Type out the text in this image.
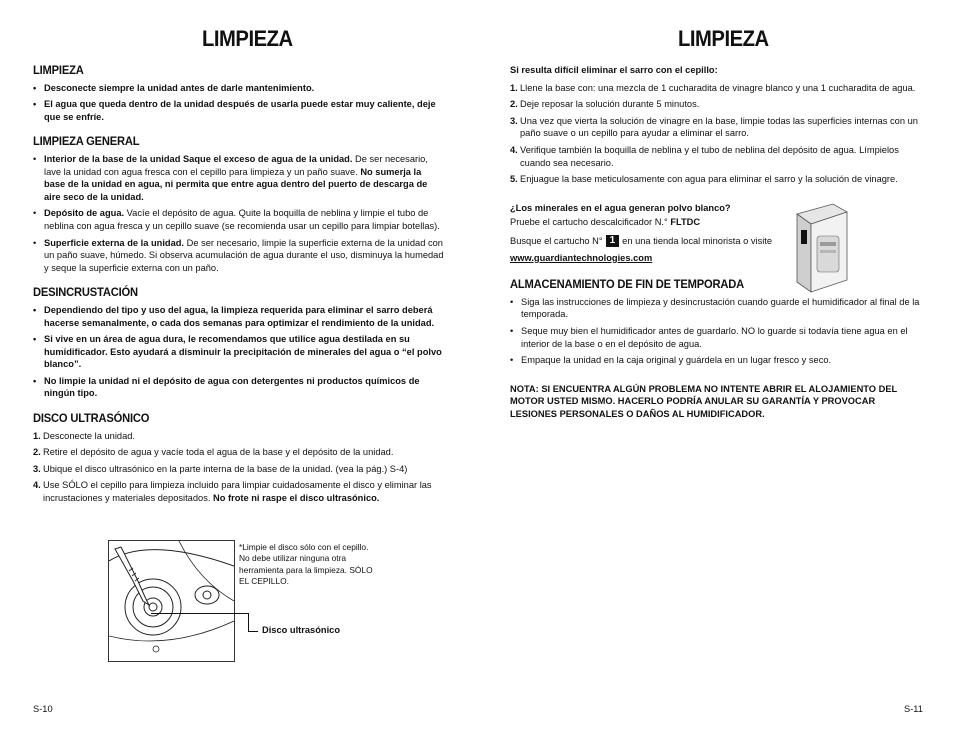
LIMPIEZA
LIMPIEZA
• Desconecte siempre la unidad antes de darle mantenimiento.
• El agua que queda dentro de la unidad después de usarla puede estar muy caliente, deje que se enfríe.
LIMPIEZA GENERAL
• Interior de la base de la unidad Saque el exceso de agua de la unidad. De ser necesario, lave la unidad con agua fresca con el cepillo para limpieza y un paño suave. No sumerja la base de la unidad en agua, ni permita que entre agua dentro del puerto de descarga de aire seco de la unidad.
• Depósito de agua. Vacíe el depósito de agua. Quite la boquilla de neblina y limpie el tubo de neblina con agua fresca y un cepillo suave (se recomienda usar un cepillo para limpiar botellas).
• Superficie externa de la unidad. De ser necesario, limpie la superficie externa de la unidad con un paño suave, húmedo. Si observa acumulación de agua durante el uso, disminuya la humedad y seque la superficie externa con un paño.
DESINCRUSTACIÓN
• Dependiendo del tipo y uso del agua, la limpieza requerida para eliminar el sarro deberá hacerse semanalmente, o cada dos semanas para optimizar el rendimiento de la unidad.
• Si vive en un área de agua dura, le recomendamos que utilice agua destilada en su humidificador. Esto ayudará a disminuir la precipitación de minerales del agua o “el polvo blanco”.
• No limpie la unidad ni el depósito de agua con detergentes ni productos químicos de ningún tipo.
DISCO ULTRASÓNICO
1. Desconecte la unidad.
2. Retire el depósito de agua y vacíe toda el agua de la base y el depósito de la unidad.
3. Ubique el disco ultrasónico en la parte interna de la base de la unidad. (vea la pág.) S-4)
4. Use SÓLO el cepillo para limpieza incluido para limpiar cuidadosamente el disco y eliminar las incrustaciones y materiales depositados. No frote ni raspe el disco ultrasónico.
*Limpie el disco sólo con el cepillo. No debe utilizar ninguna otra herramienta para la limpieza. SÓLO EL CEPILLO.
Disco ultrasónico
S-10
LIMPIEZA
Si resulta difícil eliminar el sarro con el cepillo:
1. Llene la base con: una mezcla de 1 cucharadita de vinagre blanco y una 1 cucharadita de agua.
2. Deje reposar la solución durante 5 minutos.
3. Una vez que vierta la solución de vinagre en la base, limpie todas las superficies internas con un paño suave o un cepillo para ayudar a eliminar el sarro.
4. Verifique también la boquilla de neblina y el tubo de neblina del depósito de agua. Límpielos cuando sea necesario.
5. Enjuague la base meticulosamente con agua para eliminar el sarro y la solución de vinagre.
¿Los minerales en el agua generan polvo blanco?
Pruebe el cartucho descalcificador N.° FLTDC
Busque el cartucho N° 1 en una tienda local minorista o visite
www.guardiantechnologies.com
ALMACENAMIENTO DE FIN DE TEMPORADA
• Siga las instrucciones de limpieza y desincrustación cuando guarde el humidificador al final de la temporada.
• Seque muy bien el humidificador antes de guardarlo. NO lo guarde si todavía tiene agua en el interior de la base o en el depósito de agua.
• Empaque la unidad en la caja original y guárdela en un lugar fresco y seco.
NOTA: SI ENCUENTRA ALGÚN PROBLEMA NO INTENTE ABRIR EL ALOJAMIENTO DEL MOTOR USTED MISMO. HACERLO PODRÍA ANULAR SU GARANTÍA Y PROVOCAR LESIONES PERSONALES O DAÑOS AL HUMIDIFICADOR.
S-11
